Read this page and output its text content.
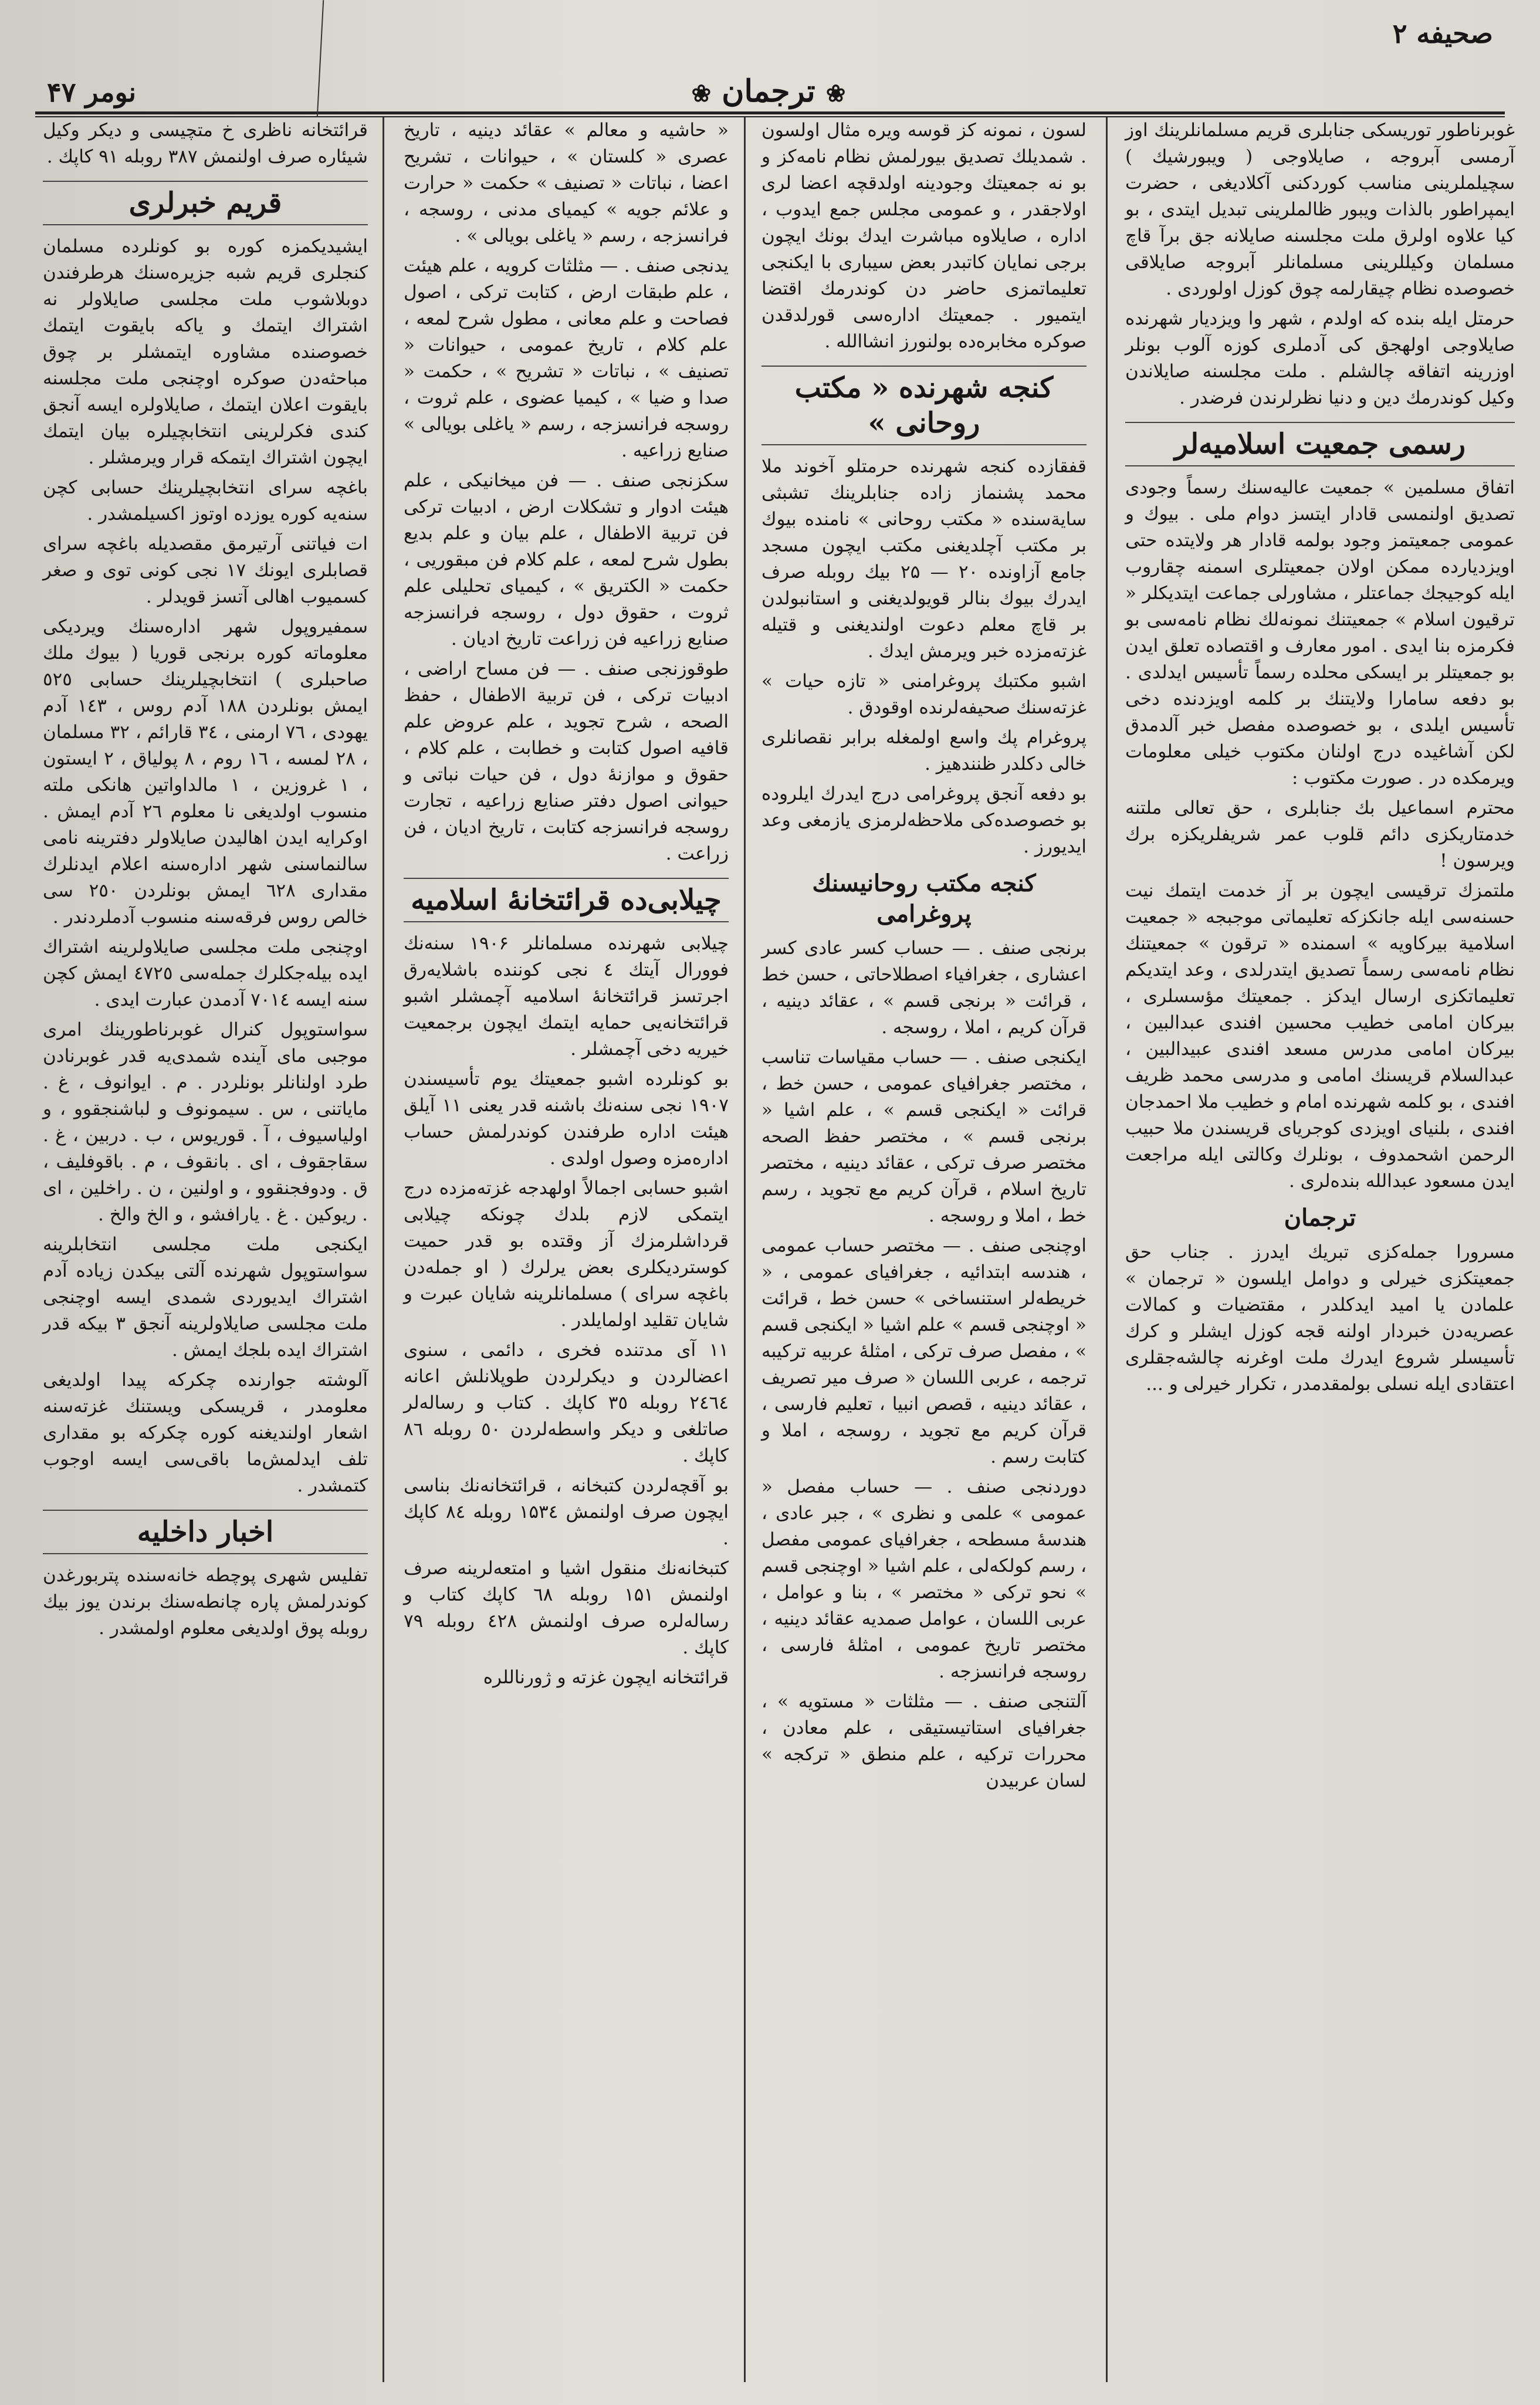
صحيفه ۲
❀ ترجمان ❀
نومر ۴۷

غوبرناطور توريسكى جنابلرى قريم مسلمانلرينك اوز آرمسى آبروجه ، صايلاوجى ( ويبورشيك ) سچيلملرينى مناسب كوردكنى آكلاديغى ، حضرت ايمپراطور بالذات ويبور ظالملرينى تبديل ايتدى ، بو كيا علاوه اولرق ملت مجلسنه صايلانه جق برآ قاچ مسلمان وكيللرينى مسلمانلر آبروجه صايلاقى خصوصده نظام چيقارلمه چوق كوزل اولوردى .

حرمتل ايله بنده كه اولدم ، شهر وا ويزديار شهرنده صايلاوجى اولهجق كى آدملرى كوزه آلوب بونلر اوزرينه اتفاقه چالشلم . ملت مجلسنه صايلاندن وكيل كوندرمك دين و دنيا نظرلرندن فرضدر .

رسمى جمعيت اسلاميه‌لر

اتفاق مسلمين » جمعيت عاليه‌سنك رسماً وجودى تصديق اولنمسى قادار ايتسز دوام ملى . بيوك و عمومى جمعيتمز وجود بولمه قادار هر ولايتده حتى اويزديارده ممكن اولان جمعيتلرى اسمنه چقاروب ايله كوجيجك جماعتلر ، مشاورلى جماعت ايتديكلر « ترقيون اسلام » جمعيتنك نمونه‌لك نظام نامه‌سى بو فكرمزه بنا ايدى . امور معارف و اقتصاده تعلق ايدن بو جمعيتلر بر ايسكى محلده رسماً تأسيس ايدلدى . بو دفعه سامارا ولايتنك بر كلمه اويزدنده دخى تأسيس ايلدى ، بو خصوصده مفصل خبر آلدمدق لكن آشاغيده درج اولنان مكتوب خيلى معلومات ويرمكده در . صورت مكتوب :

محترم اسماعيل بك جنابلرى ، حق تعالى ملتنه خدمتاريكزى دائم قلوب عمر شريفلريكزه برك ويرسون !

ملتمزك ترقيسى ايچون بر آز خدمت ايتمك نيت حسنه‌سى ايله جانكزكه تعليماتى موجبجه « جمعيت اسلامية بيركاويه » اسمنده « ترقون » جمعيتنك نظام نامه‌سى رسماً تصديق ايتدرلدى ، وعد ايتديكم تعليماتكزى ارسال ايدكز . جمعيتك مؤسسلرى ، بيركان امامى خطيب محسين افندى عبدالبين ، بيركان امامى مدرس مسعد افندى عبيدالبين ، عبدالسلام قريسنك امامى و مدرسى محمد ظريف افندى ، بو كلمه شهرنده امام و خطيب ملا احمدجان افندى ، بلنياى اويزدى كوجرياى قريسندن ملا حبيب الرحمن اشحمدوف ، بونلرك وكالتى ايله مراجعت ايدن مسعود عبدالله بنده‌لرى .

ترجمان

مسرورا جمله‌كزى تبريك ايدرز . جناب حق جمعيتكزى خيرلى و دوامل ايلسون « ترجمان » علمادن يا اميد ايدكلدر ، مقتضيات و كمالات عصريه‌دن خبردار اولنه قجه كوزل ايشلر و كرك تأسيسلر شروع ايدرك ملت اوغرنه چالشه‌جقلرى اعتقادى ايله نسلى بولمقدمدر ، تكرار خيرلى و ...

لسون ، نمونه كز قوسه ويره مثال اولسون . شمديلك تصديق بيورلمش نظام نامه‌كز و بو نه جمعيتك وجودينه اولدقچه اعضا لرى اولاجقدر ، و عمومى مجلس جمع ايدوب ، اداره ، صايلاوه مباشرت ايدك بونك ايچون برجى نمايان كاتبدر بعض سيبارى با ايكنجى تعليماتمزى حاضر دن كوندرمك اقتضا ايتميور . جمعيتك اداره‌سى قورلدقدن صوكره مخابره‌ده بولنورز انشاالله .

كنجه شهرنده « مكتب روحانى »

قفقازده كنجه شهرنده حرمتلو آخوند ملا محمد پشنماز زاده جنابلرينك تشبثى ساية‌سنده « مكتب روحانى » نامنده بيوك بر مكتب آچلديغنى مكتب ايچون مسجد جامع آزاونده ۲۰ — ۲۵ بيك روبله صرف ايدرك بيوك بنالر قويولديغنى و استانبولدن بر قاچ معلم دعوت اولنديغنى و قتيله غزته‌مزده خبر ويرمش ايدك .

اشبو مكتبك پروغرامنى « تازه حيات » غزته‌سنك صحيفه‌لرنده اوقودق .

پروغرام پك واسع اولمغله برابر نقصانلرى خالى دكلدر ظنندهيز .

بو دفعه آنجق پروغرامى درج ايدرك ايلروده بو خصوصده‌كى ملاحظه‌لرمزى يازمغى وعد ايديورز .

كنجه مكتب روحانيسنك پروغرامى

برنجى صنف . — حساب كسر عادى كسر اعشارى ، جغرافياء اصطلاحاتى ، حسن خط ، قرائت « برنجى قسم » ، عقائد دينيه ، قرآن كريم ، املا ، روسجه .

ايكنجى صنف . — حساب مقياسات تناسب ، مختصر جغرافياى عمومى ، حسن خط ، قرائت « ايكنجى قسم » ، علم اشيا « برنجى قسم » ، مختصر حفظ الصحه مختصر صرف تركى ، عقائد دينيه ، مختصر تاريخ اسلام ، قرآن كريم مع تجويد ، رسم خط ، املا و روسجه .

اوچنجى صنف . — مختصر حساب عمومى ، هندسه ابتدائيه ، جغرافياى عمومى ، « خريطه‌لر استنساخى » حسن خط ، قرائت « اوچنجى قسم » علم اشيا « ايكنجى قسم » ، مفصل صرف تركى ، امثلهٔ عربيه تركيبه ترجمه ، عربى اللسان « صرف مير تصريف ، عقائد دينيه ، قصص انبيا ، تعليم فارسى ، قرآن كريم مع تجويد ، روسجه ، املا و كتابت رسم .

دوردنجى صنف . — حساب مفصل « عمومى » علمى و نظرى » ، جبر عادى ، هندسهٔ مسطحه ، جغرافياى عمومى مفصل ، رسم كولكه‌لى ، علم اشيا « اوچنجى قسم » نحو تركى « مختصر » ، بنا و عوامل ، عربى اللسان ، عوامل صمديه عقائد دينيه ، مختصر تاريخ عمومى ، امثلهٔ فارسى ، روسجه فرانسزجه .

آلتنجى صنف . — مثلثات « مستويه » ، جغرافياى استاتيستيقى ، علم معادن ، محررات تركيه ، علم منطق « تركجه » لسان عربيدن

« حاشيه و معالم » عقائد دينيه ، تاريخ عصرى « كلستان » ، حيوانات ، تشريح اعضا ، نباتات « تصنيف » حكمت « حرارت و علائم جويه » كيمياى مدنى ، روسجه ، فرانسزجه ، رسم « ياغلى بويالى » .

يدنجى صنف . — مثلثات كرويه ، علم هيئت ، علم طبقات ارض ، كتابت تركى ، اصول فصاحت و علم معانى ، مطول شرح لمعه ، علم كلام ، تاريخ عمومى ، حيوانات « تصنيف » ، نباتات « تشريح » ، حكمت « صدا و ضيا » ، كيميا عضوى ، علم ثروت ، روسجه فرانسزجه ، رسم « ياغلى بويالى » صنايع زراعيه .

سكزنجى صنف . — فن ميخانيكى ، علم هيئت ادوار و تشكلات ارض ، ادبيات تركى فن تربية الاطفال ، علم بيان و علم بديع بطول شرح لمعه ، علم كلام فن مبقوريى ، حكمت « الكتريق » ، كيمياى تحليلى علم ثروت ، حقوق دول ، روسجه فرانسزجه صنايع زراعيه فن زراعت تاريخ اديان .

طوقوزنجى صنف . — فن مساح اراضى ، ادبيات تركى ، فن تربية الاطفال ، حفظ الصحه ، شرح تجويد ، علم عروض علم قافيه اصول كتابت و خطابت ، علم كلام ، حقوق و موازنهٔ دول ، فن حيات نباتى و حيوانى اصول دفتر صنايع زراعيه ، تجارت روسجه فرانسزجه كتابت ، تاريخ اديان ، فن زراعت .

چيلابى‌ده قرائتخانهٔ اسلاميه

چيلابى شهرنده مسلمانلر ۱۹۰۶ سنه‌نك فوورال آيتك ٤ نجى كوننده باشلايه‌رق اجرتسز قرائتخانهٔ اسلاميه آچمشلر اشبو قرائتخانه‌يى حمايه ايتمك ايچون برجمعيت خيريه دخى آچمشلر .

بو كونلرده اشبو جمعيتك يوم تأسيسندن ۱۹۰۷ نجى سنه‌نك باشنه قدر يعنى ۱۱ آيلق هيئت اداره طرفندن كوندرلمش حساب اداره‌مزه وصول اولدى .

اشبو حسابى اجمالاً اولهدجه غزته‌مزده درج ايتمكى لازم بلدك چونكه چيلابى قرداشلرمزك آز وقتده بو قدر حميت كوسترديكلرى بعض يرلرك ( او جمله‌دن باغچه سراى ) مسلمانلرينه شايان عبرت و شايان تقليد اولمايلدر .

۱۱ آى مدتنده فخرى ، دائمى ، سنوى اعضالردن و ديكرلردن طوپلانلش اعانه ۲٤٦٤ روبله ۳٥ كاپك . كتاب و رساله‌لر صاتلغى و ديكر واسطه‌لردن ٥٠ روبله ۸٦ كاپك .

بو آقچه‌لردن كتبخانه ، قرائتخانه‌نك بناسى ايچون صرف اولنمش ۱۵۳٤ روبله ۸٤ كاپك .

كتبخانه‌نك منقول اشيا و امتعه‌لرينه صرف اولنمش ۱۵۱ روبله ٦۸ كاپك كتاب و رساله‌لره صرف اولنمش ٤۲۸ روبله ۷۹ كاپك .

قرائتخانه ايچون غزته و ژورناللره

قرائتخانه ناظرى خ متچيسى و ديكر وكيل شيئاره صرف اولنمش ۳۸۷ روبله ۹۱ كاپك .

قريم خبرلرى

ايشيديكمزه كوره بو كونلرده مسلمان كنجلرى قريم شبه جزيره‌سنك هرطرفندن دوبلاشوب ملت مجلسى صايلاولر نه اشتراك ايتمك و ياكه بايقوت ايتمك خصوصنده مشاوره ايتمشلر بر چوق مباحثه‌دن صوكره اوچنجى ملت مجلسنه بايقوت اعلان ايتمك ، صايلاولره ايسه آنجق كندى فكرلرينى انتخابچيلره بيان ايتمك ايچون اشتراك ايتمكه قرار ويرمشلر .

باغچه سراى انتخابچيلرينك حسابى كچن سنه‌يه كوره يوزده اوتوز اكسيلمشدر .

ات فياتنى آرتيرمق مقصديله باغچه سراى قصابلرى ايونك ۱۷ نجى كونى توى و صغر كسميوب اهالى آتسز قويدلر .

سمفيروپول شهر اداره‌سنك ويرديكى معلوماته كوره برنجى قوريا ( بيوك ملك صاحبلرى ) انتخابچيلرينك حسابى ٥۲٥ ايمش بونلردن ۱۸۸ آدم روس ، ۱٤۳ آدم يهودى ، ۷٦ ارمنى ، ۳٤ قارائم ، ۳۲ مسلمان ، ۲۸ لمسه ، ۱٦ روم ، ۸ پولياق ، ۲ ايستون ، ۱ غروزين ، ۱ مالداواتين هانكى ملته منسوب اولديغى نا معلوم ۲٦ آدم ايمش . اوكرايه ايدن اهاليدن صايلاولر دفترينه نامى سالنماسنى شهر اداره‌سنه اعلام ايدنلرك مقدارى ٦۲۸ ايمش بونلردن ۲٥۰ سى خالص روس فرقه‌سنه منسوب آدملردندر .

اوچنجى ملت مجلسى صايلاولرينه اشتراك ايده بيله‌جكلرك جمله‌سى ٤۷۲٥ ايمش كچن سنه ايسه ۷۰۱٤ آدمدن عبارت ايدى .

سواستوپول كنرال غوبرناطورينك امرى موجبى ماى آينده شمدى‌يه قدر غوبرنادن طرد اولنانلر بونلردر . م . ايوانوف ، غ . ماياتنى ، س . سيمونوف و لباشنجقوو ، و اولياسيوف ، آ . قوريوس ، ب . دربين ، غ . سقاجقوف ، اى . بانقوف ، م . باقوفليف ، ق . ودوفجنقوو ، و اولنين ، ن . راخلين ، اى . ريوكين . غ . يارافشو ، و الخ والخ .

ايكنجى ملت مجلسى انتخابلرينه سواستوپول شهرنده آلتى بيكدن زياده آدم اشتراك ايديوردى شمدى ايسه اوچنجى ملت مجلسى صايلاولرينه آنجق ۳ بيكه قدر اشتراك ايده بلجك ايمش .

آلوشته جوارنده چكركه پيدا اولديغى معلومدر ، قريسكى ويستنك غزته‌سنه اشعار اولنديغنه كوره چكركه بو مقدارى تلف ايدلمش‌ما باقى‌سى ايسه اوجوب كتمشدر .

اخبار داخليه

تفليس شهرى پوچطه خانه‌سنده پتربورغدن كوندرلمش پاره چانطه‌سنك برندن يوز بيك روبله پوق اولديغى معلوم اولمشدر .
